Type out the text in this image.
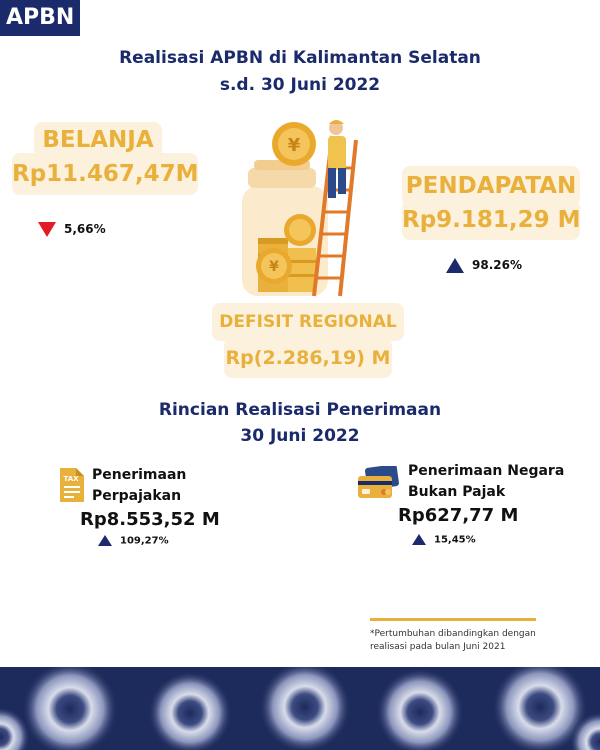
APBN
Realisasi APBN di Kalimantan Selatan
s.d. 30 Juni 2022
BELANJA
Rp11.467,47M
5,66%
PENDAPATAN
Rp9.181,29 M
98.26%
¥
¥
DEFISIT REGIONAL
Rp(2.286,19) M
Rincian Realisasi Penerimaan
30 Juni 2022
TAX Penerimaan
Perpajakan
Rp8.553,52 M
109,27%
Penerimaan Negara
Bukan Pajak
Rp627,77 M
15,45%
*Pertumbuhan dibandingkan dengan
realisasi pada bulan Juni 2021
